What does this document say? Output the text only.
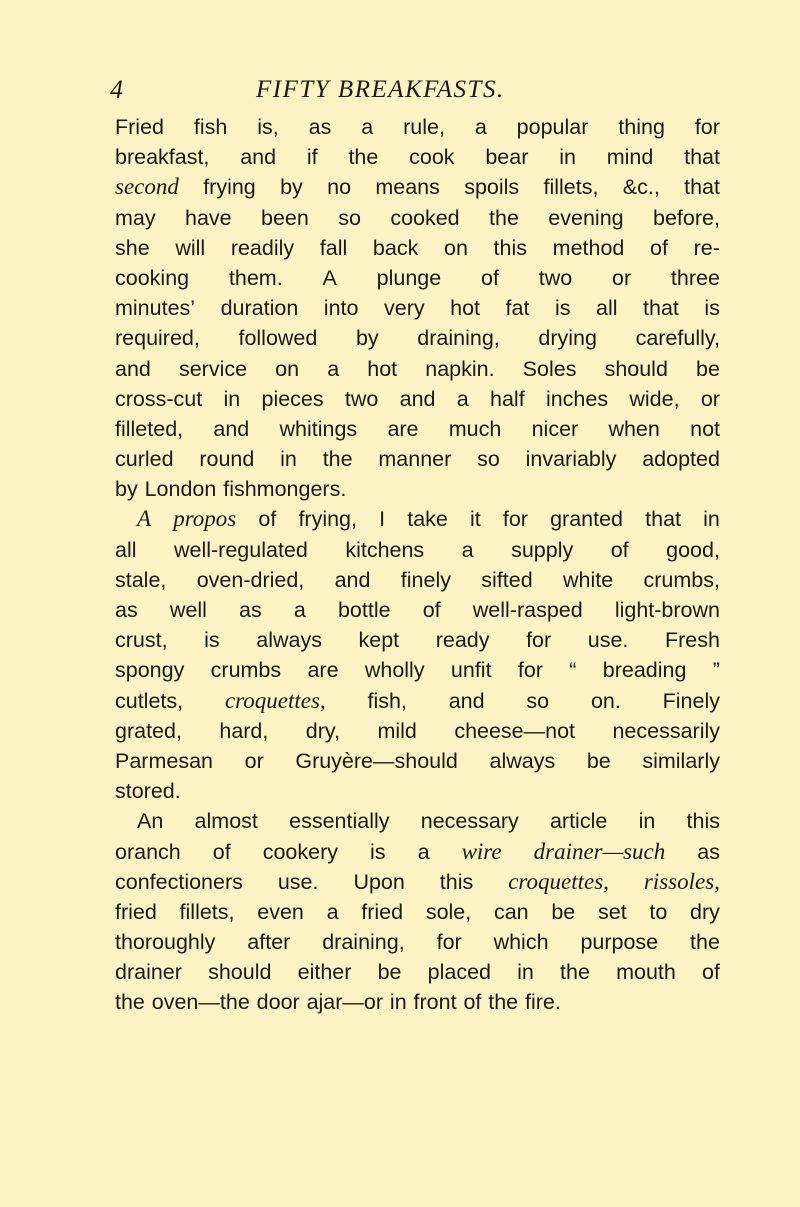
4	FIFTY BREAKFASTS.
Fried fish is, as a rule, a popular thing for
breakfast, and if the cook bear in mind that
second frying by no means spoils fillets, &c., that
may have been so cooked the evening before,
she will readily fall back on this method of re-
cooking them. A plunge of two or three
minutes’ duration into very hot fat is all that is
required, followed by draining, drying carefully,
and service on a hot napkin. Soles should be
cross-cut in pieces two and a half inches wide, or
filleted, and whitings are much nicer when not
curled round in the manner so invariably adopted
by London fishmongers.
A propos of frying, I take it for granted that in
all well-regulated kitchens a supply of good,
stale, oven-dried, and finely sifted white crumbs,
as well as a bottle of well-rasped light-brown
crust, is always kept ready for use. Fresh
spongy crumbs are wholly unfit for “ breading ”
cutlets, croquettes, fish, and so on. Finely
grated, hard, dry, mild cheese—not necessarily
Parmesan or Gruyère—should always be similarly
stored.
An almost essentially necessary article in this
oranch of cookery is a wire drainer—such as
confectioners use. Upon this croquettes, rissoles,
fried fillets, even a fried sole, can be set to dry
thoroughly after draining, for which purpose the
drainer should either be placed in the mouth of
the oven—the door ajar—or in front of the fire.
